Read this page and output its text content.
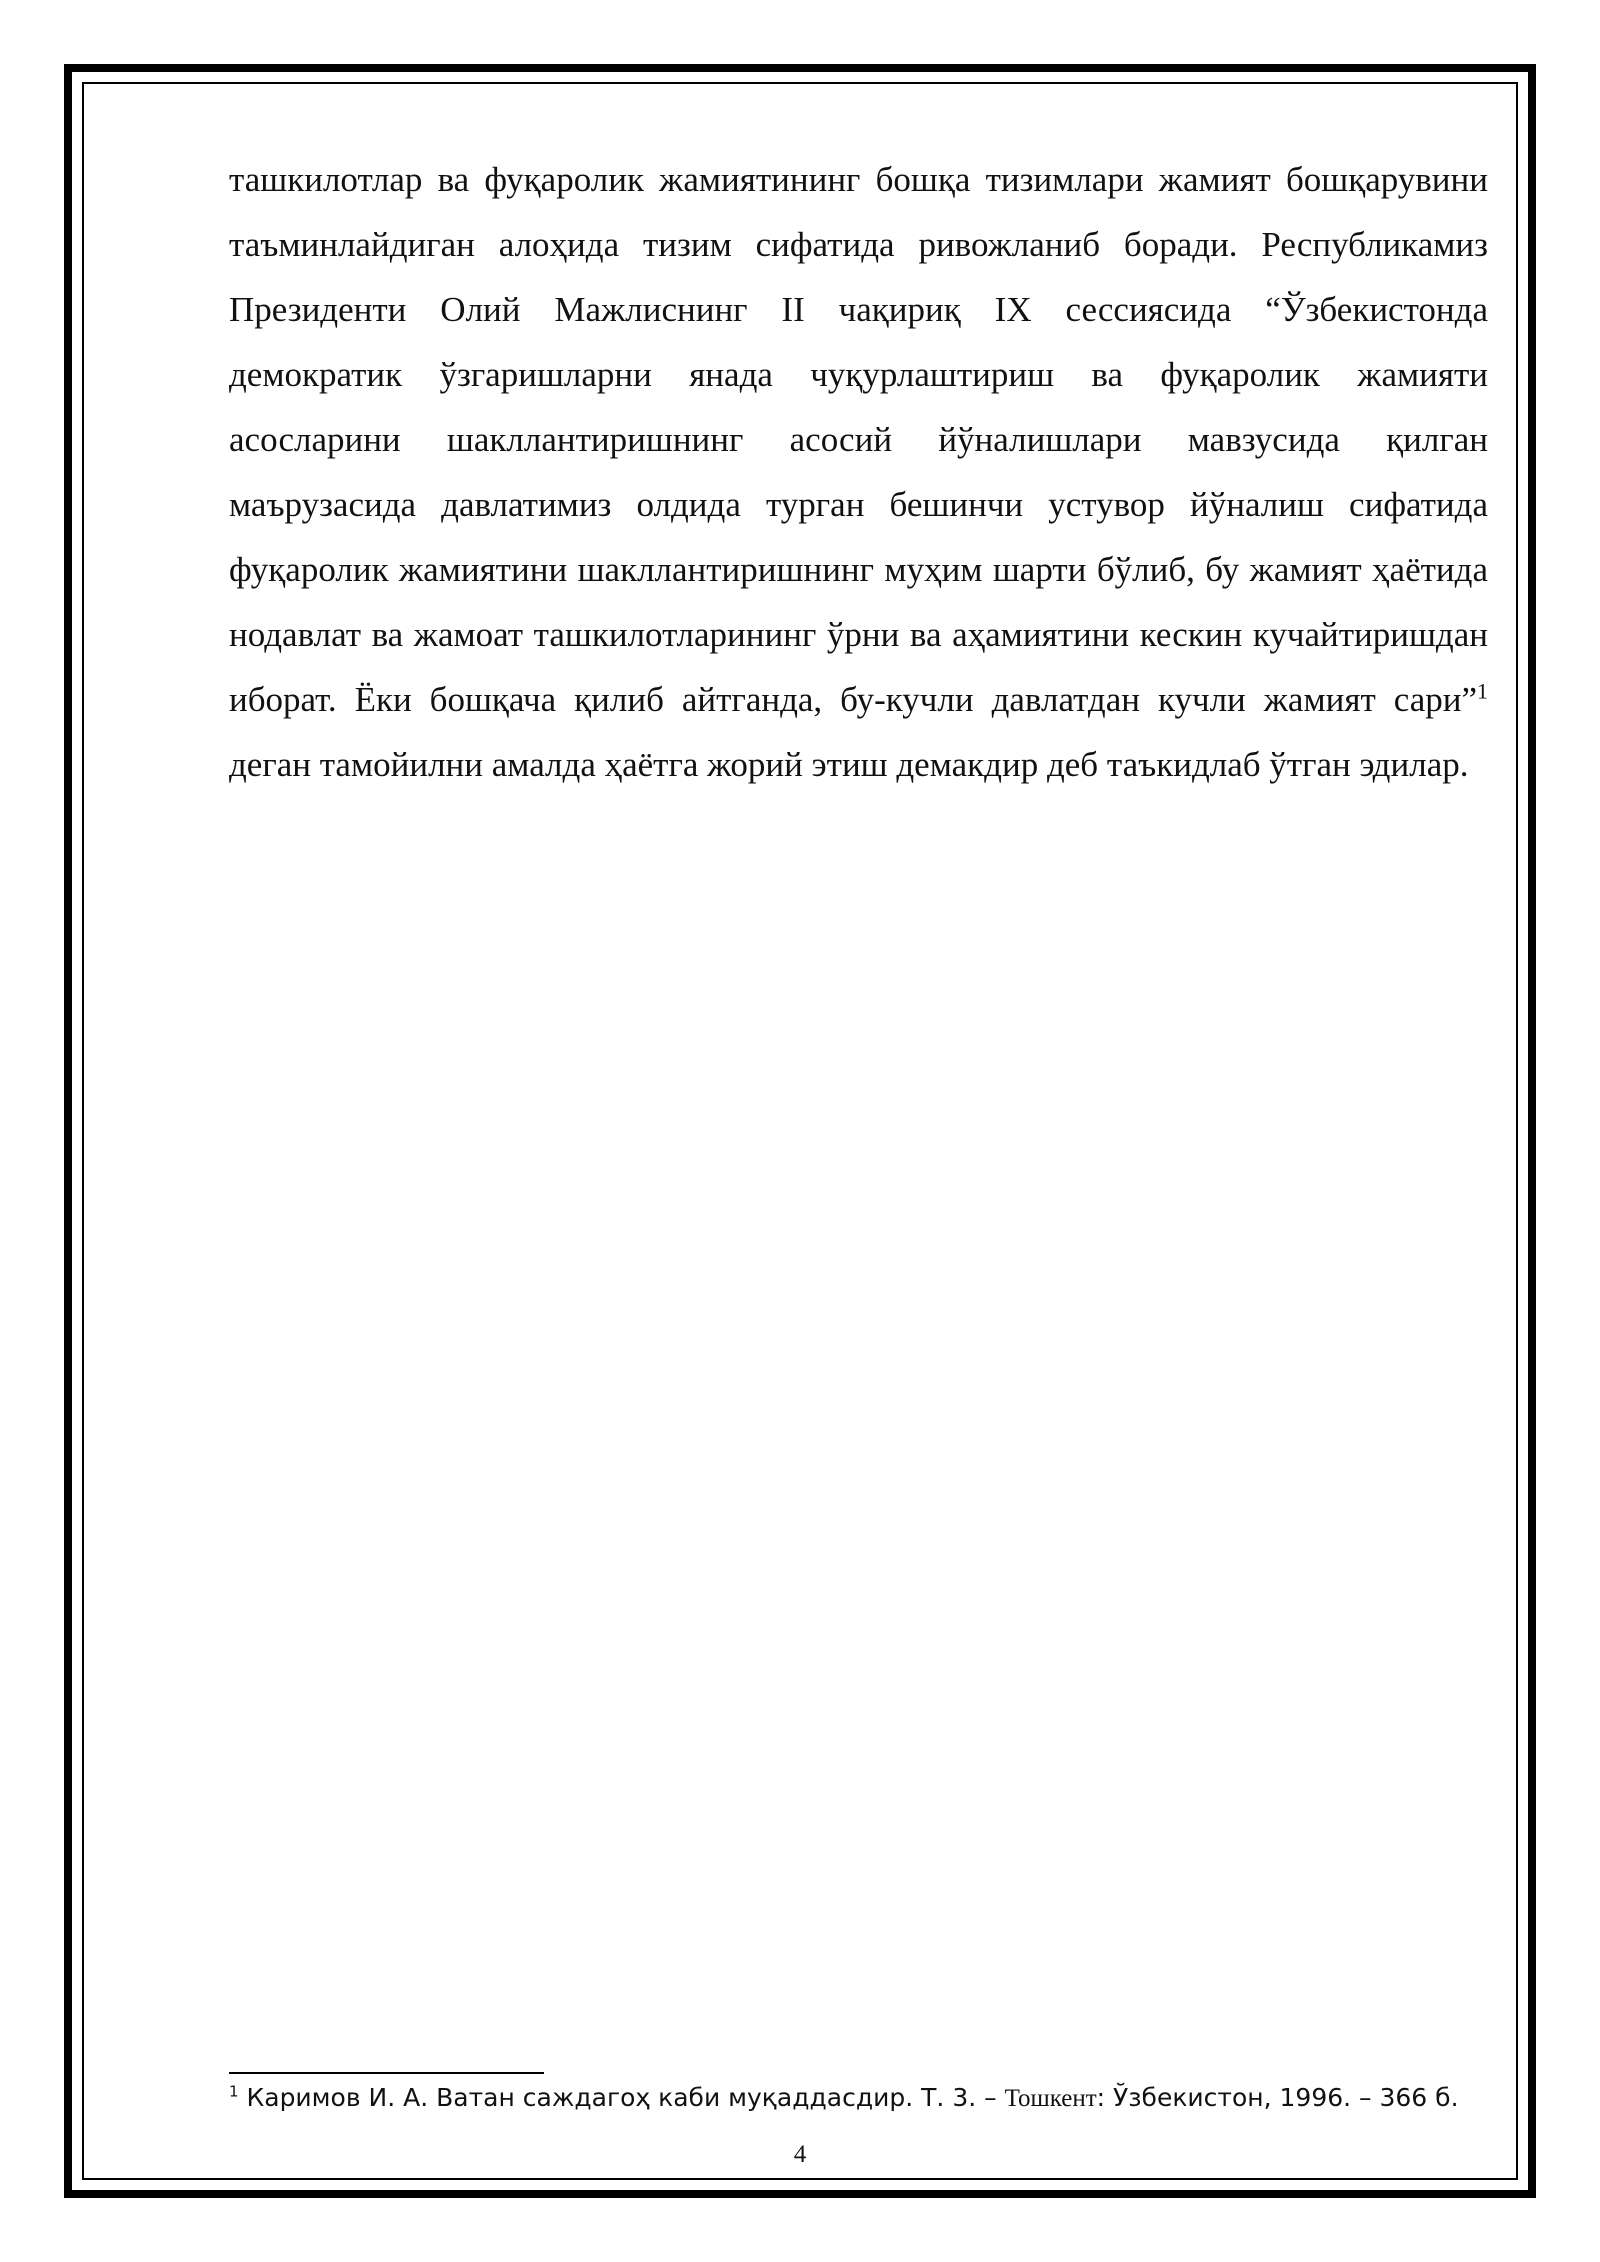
ташкилотлар ва фуқаролик жамиятининг бошқа тизимлари жамият бошқарувини таъминлайдиган алоҳида тизим сифатида ривожланиб боради. Республикамиз Президенти Олий Мажлиснинг II чақириқ IX сессиясида “Ўзбекистонда демократик ўзгаришларни янада чуқурлаштириш ва фуқаролик жамияти асосларини шакллантиришнинг асосий йўналишлари мавзусида қилган маърузасида давлатимиз олдида турган бешинчи устувор йўналиш сифатида фуқаролик жамиятини шакллантиришнинг муҳим шарти бўлиб, бу жамият ҳаётида нодавлат ва жамоат ташкилотларининг ўрни ва аҳамиятини кескин кучайтиришдан иборат. Ёки бошқача қилиб айтганда, бу-кучли давлатдан кучли жамият сари”$^1$ деган тамойилни амалда ҳаётга жорий этиш демакдир деб таъкидлаб ўтган эдилар.

$^1$ Каримов И. А. Ватан саждагоҳ каби муқаддасдир. Т. 3. – Тошкент: Ўзбекистон, 1996. – 366 б.

4
